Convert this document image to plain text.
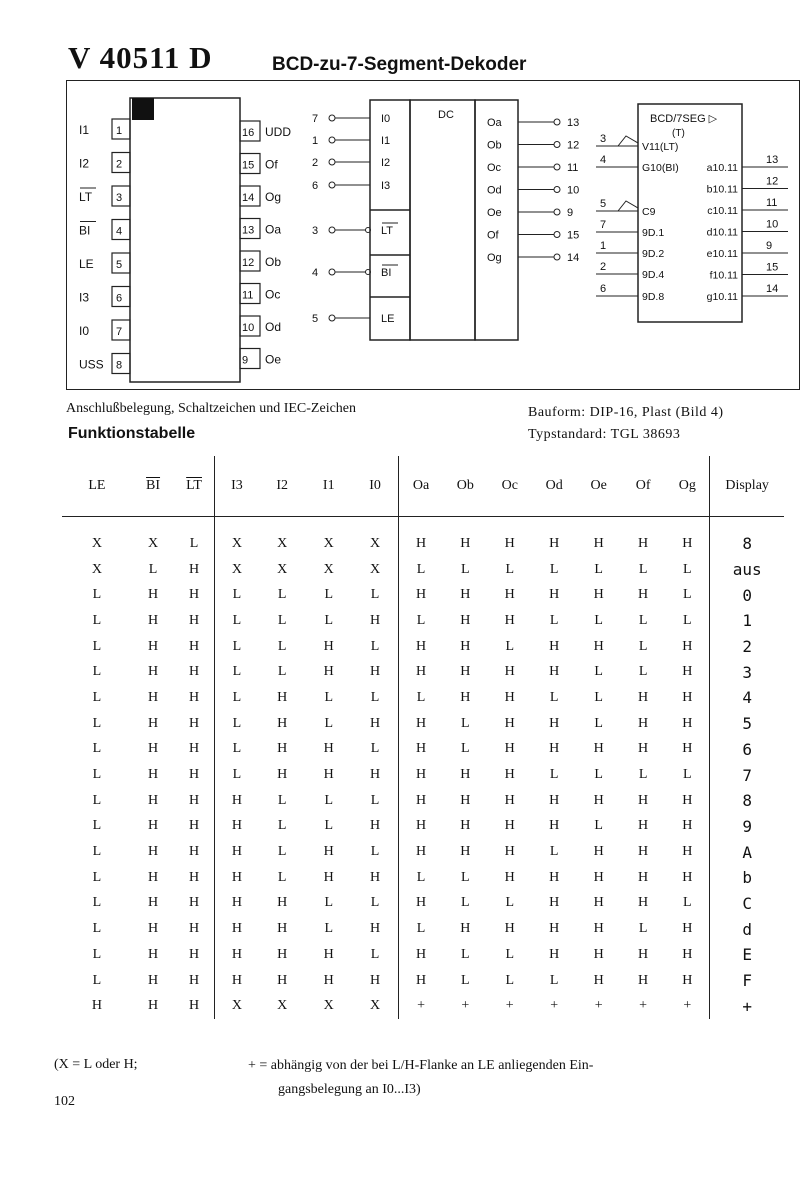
V 40511 D	BCD-zu-7-Segment-Dekoder
I1 1
I2 2
LT 3
BI 4
LE 5
I3 6
I0 7
USS 8
16 UDD
15 Of
14 Og
13 Oa
12 Ob
11 Oc
10 Od
9 Oe
DC
7	I0
1	I1
2	I2
6	I3
3	LT
4	BI
5	LE
Oa	13
Ob	12
Oc	11
Od	10
Oe	9
Of	15
Og	14
BCD/7SEG ▷
(T)
3
V11(LT)
4
G10(BI)
5
C9
7
9D.1
1
9D.2
2
9D.4
6
9D.8
a10.11
13
b10.11
12
c10.11
11
d10.11
10
e10.11
9
f10.11
15
g10.11
14
Anschlußbelegung, Schaltzeichen und IEC-Zeichen	Bauform: DIP-16, Plast (Bild 4)
Typstandard: TGL 38693
Funktionstabelle
LE	$\overline{BI}$	$\overline{LT}$	I3	I2	I1	I0	Oa	Ob	Oc	Od	Oe	Of	Og	Display

X	X	L	X	X	X	X	H	H	H	H	H	H	H	8
X	L	H	X	X	X	X	L	L	L	L	L	L	L	aus
L	H	H	L	L	L	L	H	H	H	H	H	H	L	0
L	H	H	L	L	L	H	L	H	H	L	L	L	L	1
L	H	H	L	L	H	L	H	H	L	H	H	L	H	2
L	H	H	L	L	H	H	H	H	H	H	L	L	H	3
L	H	H	L	H	L	L	L	H	H	L	L	H	H	4
L	H	H	L	H	L	H	H	L	H	H	L	H	H	5
L	H	H	L	H	H	L	H	L	H	H	H	H	H	6
L	H	H	L	H	H	H	H	H	H	L	L	L	L	7
L	H	H	H	L	L	L	H	H	H	H	H	H	H	8
L	H	H	H	L	L	H	H	H	H	H	L	H	H	9
L	H	H	H	L	H	L	H	H	H	L	H	H	H	A
L	H	H	H	L	H	H	L	L	H	H	H	H	H	b
L	H	H	H	H	L	L	H	L	L	H	H	H	L	C
L	H	H	H	H	L	H	L	H	H	H	H	L	H	d
L	H	H	H	H	H	L	H	L	L	H	H	H	H	E
L	H	H	H	H	H	H	H	L	L	L	H	H	H	F
H	H	H	X	X	X	X	+	+	+	+	+	+	+	+
(X = L oder H;	+ = abhängig von der bei L/H-Flanke an LE anliegenden Ein-
gangsbelegung an I0...I3)
102
